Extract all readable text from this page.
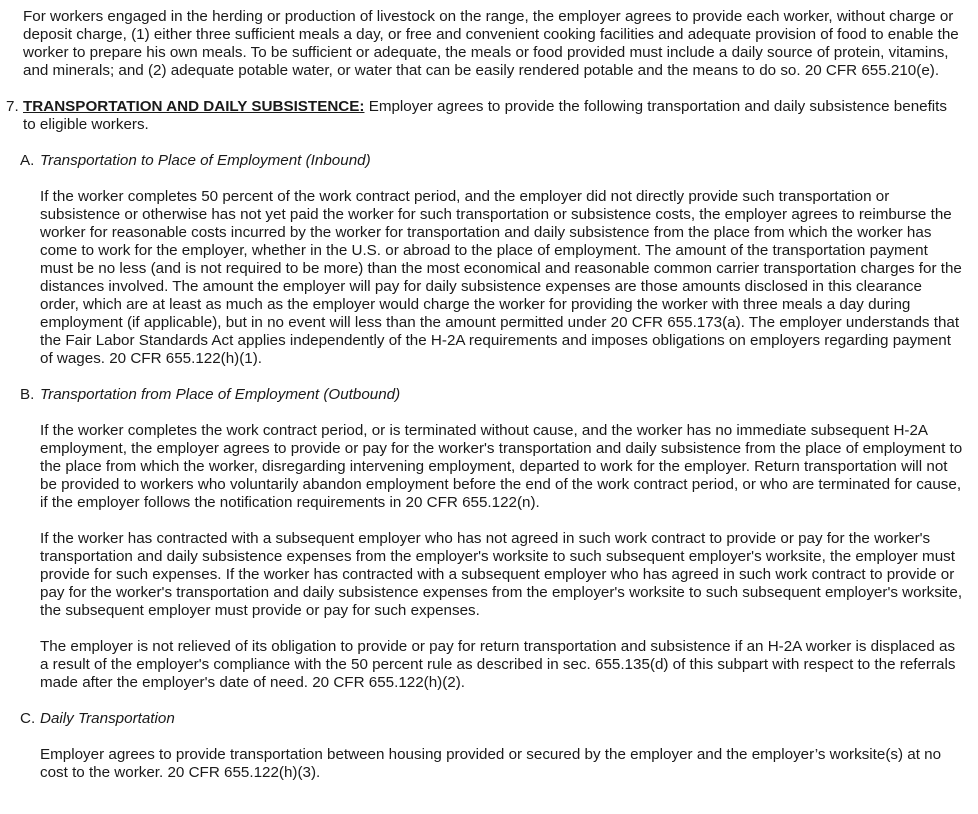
For workers engaged in the herding or production of livestock on the range, the employer agrees to provide each worker, without charge or deposit charge, (1) either three sufficient meals a day, or free and convenient cooking facilities and adequate provision of food to enable the worker to prepare his own meals. To be sufficient or adequate, the meals or food provided must include a daily source of protein, vitamins, and minerals; and (2) adequate potable water, or water that can be easily rendered potable and the means to do so. 20 CFR 655.210(e).

7. TRANSPORTATION AND DAILY SUBSISTENCE: Employer agrees to provide the following transportation and daily subsistence benefits to eligible workers.
A. Transportation to Place of Employment (Inbound)

If the worker completes 50 percent of the work contract period, and the employer did not directly provide such transportation or subsistence or otherwise has not yet paid the worker for such transportation or subsistence costs, the employer agrees to reimburse the worker for reasonable costs incurred by the worker for transportation and daily subsistence from the place from which the worker has come to work for the employer, whether in the U.S. or abroad to the place of employment. The amount of the transportation payment must be no less (and is not required to be more) than the most economical and reasonable common carrier transportation charges for the distances involved. The amount the employer will pay for daily subsistence expenses are those amounts disclosed in this clearance order, which are at least as much as the employer would charge the worker for providing the worker with three meals a day during employment (if applicable), but in no event will less than the amount permitted under 20 CFR 655.173(a). The employer understands that the Fair Labor Standards Act applies independently of the H-2A requirements and imposes obligations on employers regarding payment of wages. 20 CFR 655.122(h)(1).

B. Transportation from Place of Employment (Outbound)

If the worker completes the work contract period, or is terminated without cause, and the worker has no immediate subsequent H-2A employment, the employer agrees to provide or pay for the worker's transportation and daily subsistence from the place of employment to the place from which the worker, disregarding intervening employment, departed to work for the employer. Return transportation will not be provided to workers who voluntarily abandon employment before the end of the work contract period, or who are terminated for cause, if the employer follows the notification requirements in 20 CFR 655.122(n).

If the worker has contracted with a subsequent employer who has not agreed in such work contract to provide or pay for the worker's transportation and daily subsistence expenses from the employer's worksite to such subsequent employer's worksite, the employer must provide for such expenses. If the worker has contracted with a subsequent employer who has agreed in such work contract to provide or pay for the worker's transportation and daily subsistence expenses from the employer's worksite to such subsequent employer's worksite, the subsequent employer must provide or pay for such expenses.

The employer is not relieved of its obligation to provide or pay for return transportation and subsistence if an H-2A worker is displaced as a result of the employer's compliance with the 50 percent rule as described in sec. 655.135(d) of this subpart with respect to the referrals made after the employer's date of need. 20 CFR 655.122(h)(2).

C. Daily Transportation

Employer agrees to provide transportation between housing provided or secured by the employer and the employer’s worksite(s) at no cost to the worker. 20 CFR 655.122(h)(3).
